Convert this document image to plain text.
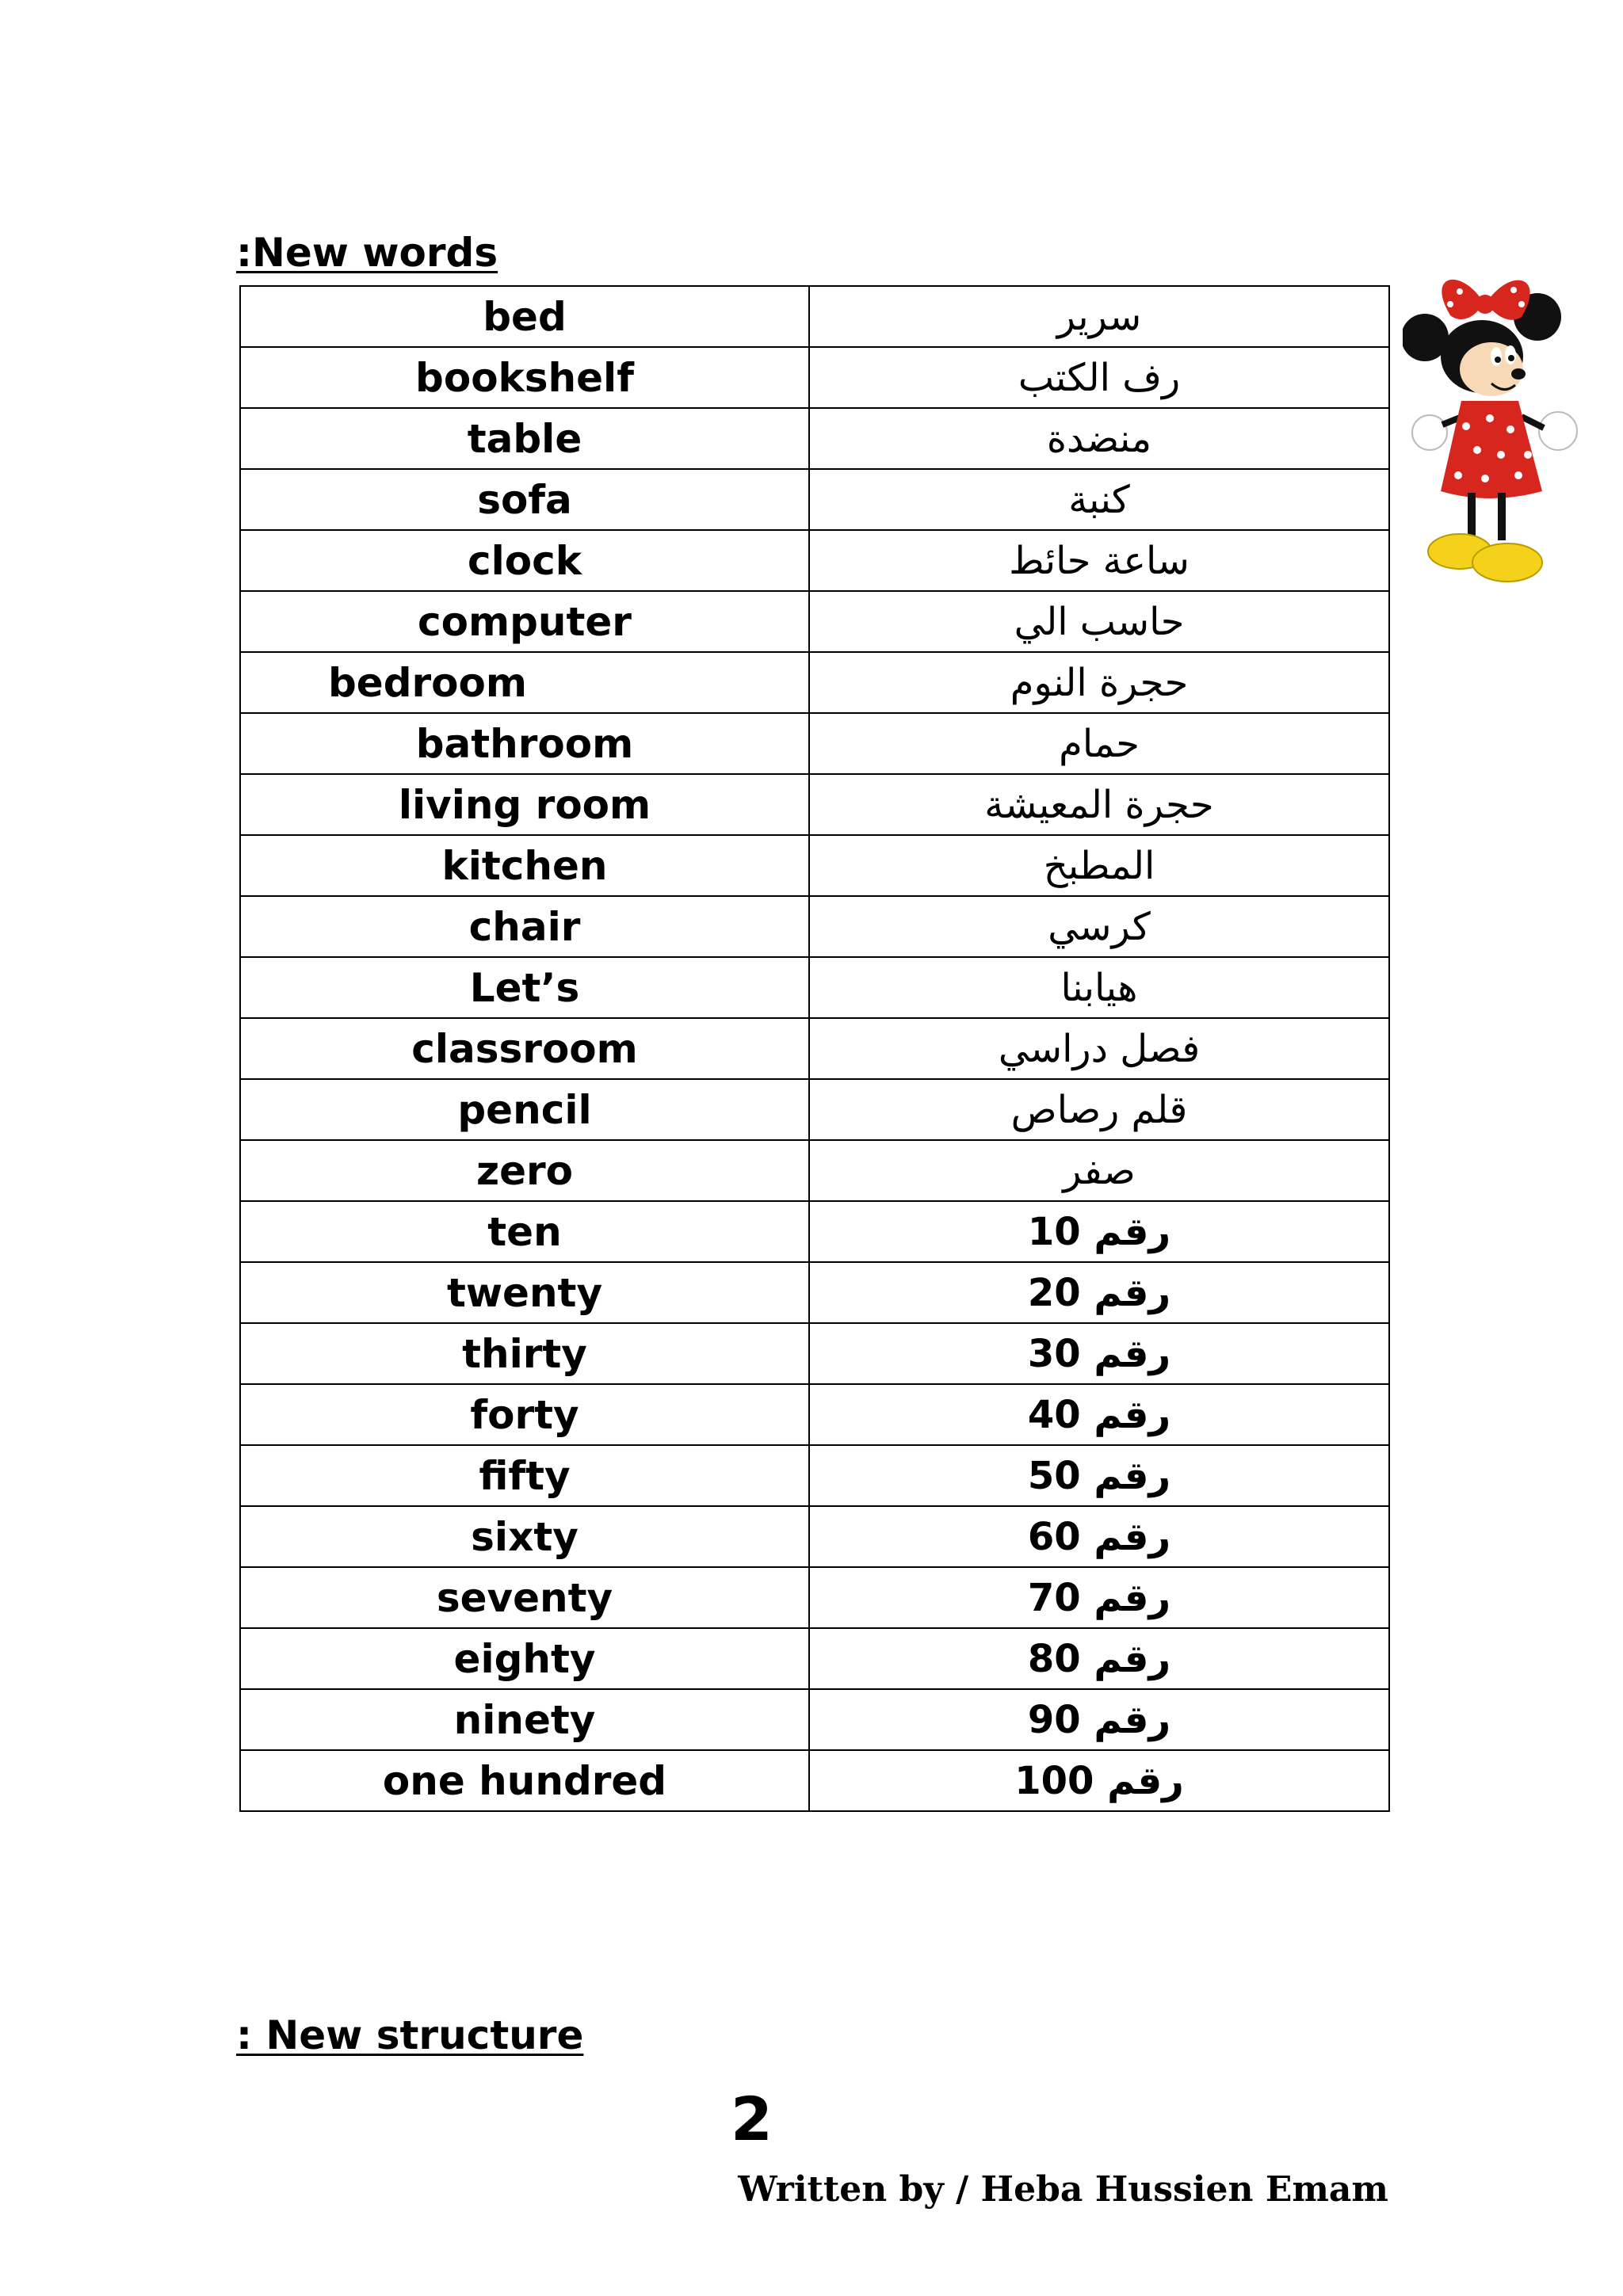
:New words
bed	سرير
bookshelf	رف الكتب
table	منضدة
sofa	كنبة
clock	ساعة حائط
computer	حاسب الي
bedroom	حجرة النوم
bathroom	حمام
living room	حجرة المعيشة
kitchen	المطبخ
chair	كرسي
Let’s	هيابنا
classroom	فصل دراسي
pencil	قلم رصاص
zero	صفر
ten	رقم 10
twenty	رقم 20
thirty	رقم 30
forty	رقم 40
fifty	رقم 50
sixty	رقم 60
seventy	رقم 70
eighty	رقم 80
ninety	رقم 90
one hundred	رقم 100
: New structure
2
Written by / Heba Hussien Emam
